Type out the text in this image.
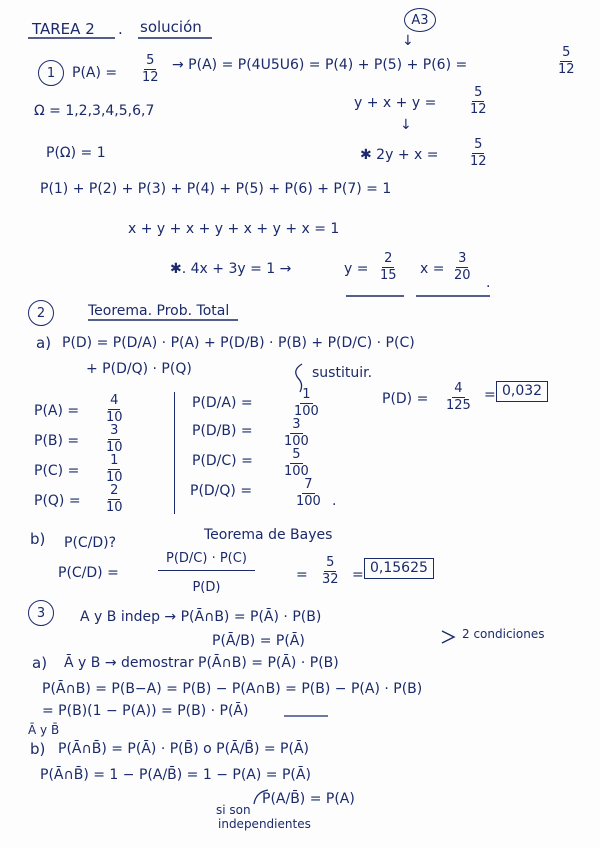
TAREA 2 . solución	A3
↓
1 $P(A) = \frac{5}{12} \to P(A) = P(4U5U6) = P(4) + P(5) + P(6)$ =	$\frac{5}{12}$
Ω = 1,2,3,4,5,6,7	$y + x + y = \frac{5}{12}$
↓
P(Ω) = 1	✱ $2y + x = \frac{5}{12}$
P(1) + P(2) + P(3) + P(4) + P(5) + P(6) + P(7) = 1
x + y + x + y + x + y + x = 1
✱. 4x + 3y = 1 →	$y = \frac{2}{15}$ $x = \frac{3}{20}$ .
2	Teorema. Prob. Total
a) P(D) = P(D/A) · P(A) + P(D/B) · P(B) + P(D/C) · P(C)
+ P(D/Q) · P(Q)	sustituir.
$P(A) = \frac{4}{10}$
$P(B) = \frac{3}{10}$
$P(C) = \frac{1}{10}$
$P(Q) = \frac{2}{10}$
P(D/A) =	$\frac{1}{100}$
$P(D/B) = \frac{3}{100}$
$P(D/C) = \frac{5}{100}$
P(D/Q) =	$\frac{7}{100}$ .
$P(D) = \frac{4}{125} = 0,032$
b) P(C/D)?	Teorema de Bayes
P(C/D) =	$\frac{P(D/C) \cdot P(C)}{P(D)}$	= $\frac{5}{32} = 0,15625$
3 A y B indep → P(Ā∩B) = P(Ā) · P(B)
P(Ā/B) = P(Ā)	2 condiciones
a) Ā y B → demostrar P(Ā∩B) = P(Ā) · P(B)
P(Ā∩B) = P(B−A) = P(B) − P(A∩B) = P(B) − P(A) · P(B)
= P(B)(1 − P(A)) = P(B) · P(Ā)
Ā y B̄
b) P(Ā∩B̄) = P(Ā) · P(B̄) o P(Ā/B̄) = P(Ā)
P(Ā∩B̄) = 1 − P(A/B̄) = 1 − P(A) = P(Ā)
P(A/B̄) = P(A)
si son
independientes
